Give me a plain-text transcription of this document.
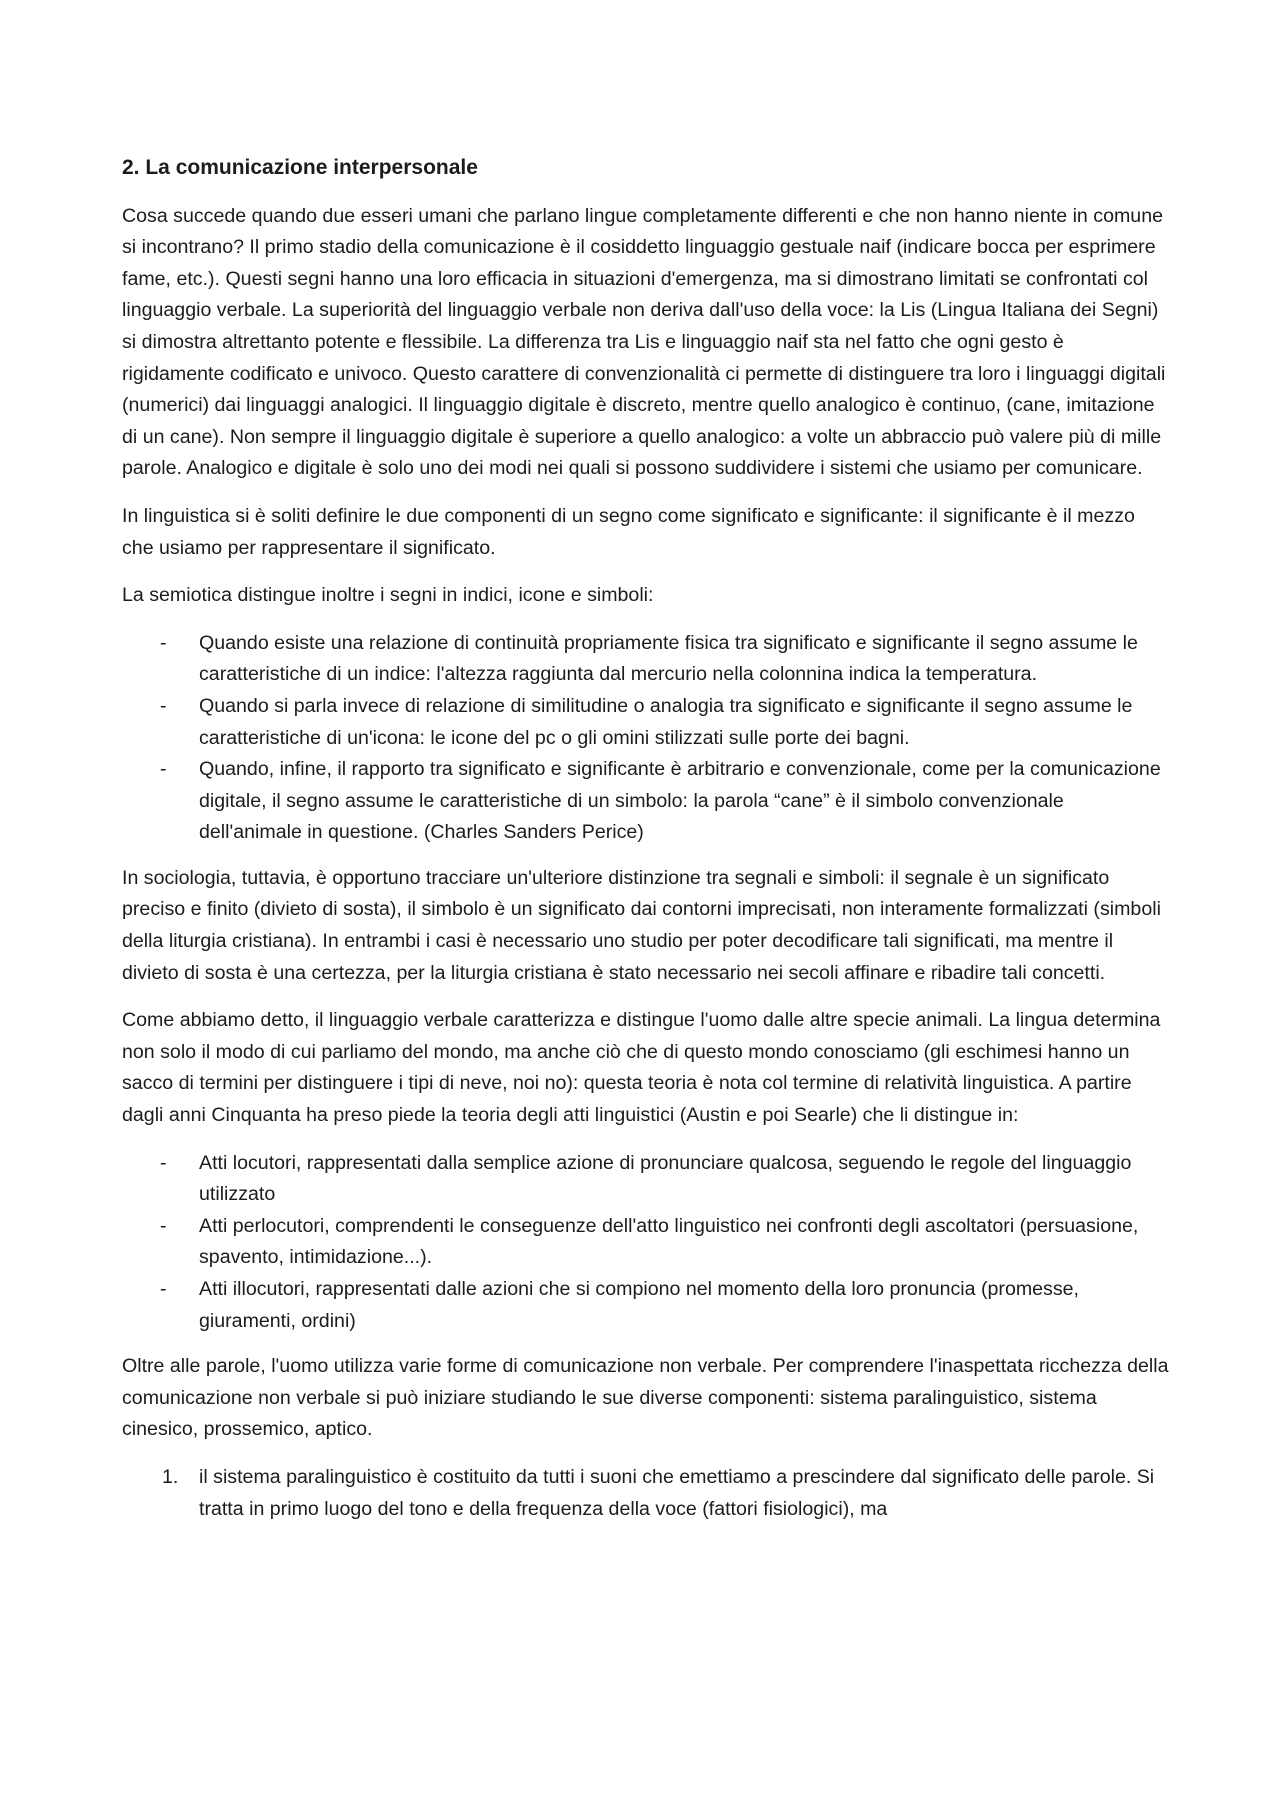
2. La comunicazione interpersonale

Cosa succede quando due esseri umani che parlano lingue completamente differenti e che non hanno niente in comune si incontrano? Il primo stadio della comunicazione è il cosiddetto linguaggio gestuale naif (indicare bocca per esprimere fame, etc.). Questi segni hanno una loro efficacia in situazioni d'emergenza, ma si dimostrano limitati se confrontati col linguaggio verbale. La superiorità del linguaggio verbale non deriva dall'uso della voce: la Lis (Lingua Italiana dei Segni) si dimostra altrettanto potente e flessibile. La differenza tra Lis e linguaggio naif sta nel fatto che ogni gesto è rigidamente codificato e univoco. Questo carattere di convenzionalità ci permette di distinguere tra loro i linguaggi digitali (numerici) dai linguaggi analogici. Il linguaggio digitale è discreto, mentre quello analogico è continuo, (cane, imitazione di un cane). Non sempre il linguaggio digitale è superiore a quello analogico: a volte un abbraccio può valere più di mille parole. Analogico e digitale è solo uno dei modi nei quali si possono suddividere i sistemi che usiamo per comunicare.

In linguistica si è soliti definire le due componenti di un segno come significato e significante: il significante è il mezzo che usiamo per rappresentare il significato.

La semiotica distingue inoltre i segni in indici, icone e simboli:

- Quando esiste una relazione di continuità propriamente fisica tra significato e significante il segno assume le caratteristiche di un indice: l'altezza raggiunta dal mercurio nella colonnina indica la temperatura.
- Quando si parla invece di relazione di similitudine o analogia tra significato e significante il segno assume le caratteristiche di un'icona: le icone del pc o gli omini stilizzati sulle porte dei bagni.
- Quando, infine, il rapporto tra significato e significante è arbitrario e convenzionale, come per la comunicazione digitale, il segno assume le caratteristiche di un simbolo: la parola “cane” è il simbolo convenzionale dell'animale in questione. (Charles Sanders Perice)

In sociologia, tuttavia, è opportuno tracciare un'ulteriore distinzione tra segnali e simboli: il segnale è un significato preciso e finito (divieto di sosta), il simbolo è un significato dai contorni imprecisati, non interamente formalizzati (simboli della liturgia cristiana). In entrambi i casi è necessario uno studio per poter decodificare tali significati, ma mentre il divieto di sosta è una certezza, per la liturgia cristiana è stato necessario nei secoli affinare e ribadire tali concetti.

Come abbiamo detto, il linguaggio verbale caratterizza e distingue l'uomo dalle altre specie animali. La lingua determina non solo il modo di cui parliamo del mondo, ma anche ciò che di questo mondo conosciamo (gli eschimesi hanno un sacco di termini per distinguere i tipi di neve, noi no): questa teoria è nota col termine di relatività linguistica. A partire dagli anni Cinquanta ha preso piede la teoria degli atti linguistici (Austin e poi Searle) che li distingue in:

- Atti locutori, rappresentati dalla semplice azione di pronunciare qualcosa, seguendo le regole del linguaggio utilizzato
- Atti perlocutori, comprendenti le conseguenze dell'atto linguistico nei confronti degli ascoltatori (persuasione, spavento, intimidazione...).
- Atti illocutori, rappresentati dalle azioni che si compiono nel momento della loro pronuncia (promesse, giuramenti, ordini)

Oltre alle parole, l'uomo utilizza varie forme di comunicazione non verbale. Per comprendere l'inaspettata ricchezza della comunicazione non verbale si può iniziare studiando le sue diverse componenti: sistema paralinguistico, sistema cinesico, prossemico, aptico.

1. il sistema paralinguistico è costituito da tutti i suoni che emettiamo a prescindere dal significato delle parole. Si tratta in primo luogo del tono e della frequenza della voce (fattori fisiologici), ma
